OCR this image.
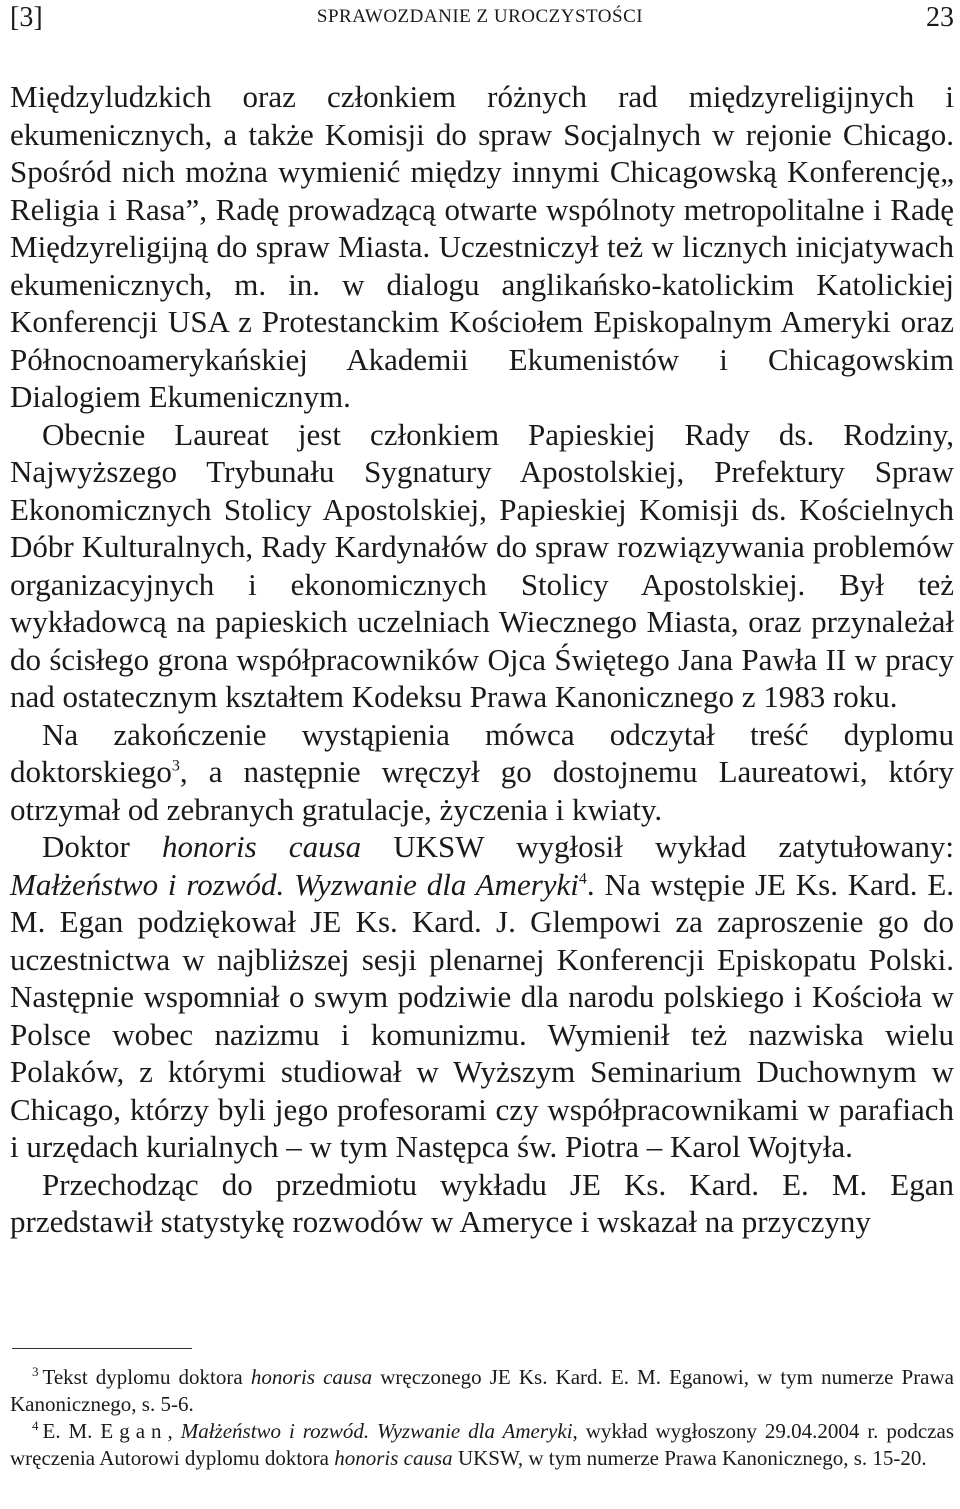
[3]	SPRAWOZDANIE Z UROCZYSTOŚCI	23

Międzyludzkich oraz członkiem różnych rad międzyreligijnych i ekumenicznych, a także Komisji do spraw Socjalnych w rejonie Chicago. Spośród nich można wymienić między innymi Chicagowską Konferencję„ Religia i Rasa”, Radę prowadzącą otwarte wspólnoty metropolitalne i Radę Międzyreligijną do spraw Miasta. Uczestniczył też w licznych inicjatywach ekumenicznych, m. in. w dialogu anglikańsko-katolickim Katolickiej Konferencji USA z Protestanckim Kościołem Episkopalnym Ameryki oraz Północnoamerykańskiej Akademii Ekumenistów i Chicagowskim Dialogiem Ekumenicznym.

Obecnie Laureat jest członkiem Papieskiej Rady ds. Rodziny, Najwyższego Trybunału Sygnatury Apostolskiej, Prefektury Spraw Ekonomicznych Stolicy Apostolskiej, Papieskiej Komisji ds. Kościelnych Dóbr Kulturalnych, Rady Kardynałów do spraw rozwiązywania problemów organizacyjnych i ekonomicznych Stolicy Apostolskiej. Był też wykładowcą na papieskich uczelniach Wiecznego Miasta, oraz przynależał do ścisłego grona współpracowników Ojca Świętego Jana Pawła II w pracy nad ostatecznym kształtem Kodeksu Prawa Kanonicznego z 1983 roku.

Na zakończenie wystąpienia mówca odczytał treść dyplomu doktorskiego$^3$, a następnie wręczył go dostojnemu Laureatowi, który otrzymał od zebranych gratulacje, życzenia i kwiaty.

Doktor honoris causa UKSW wygłosił wykład zatytułowany: Małżeństwo i rozwód. Wyzwanie dla Ameryki$^4$. Na wstępie JE Ks. Kard. E. M. Egan podziękował JE Ks. Kard. J. Glempowi za zaproszenie go do uczestnictwa w najbliższej sesji plenarnej Konferencji Episkopatu Polski. Następnie wspomniał o swym podziwie dla narodu polskiego i Kościoła w Polsce wobec nazizmu i komunizmu. Wymienił też nazwiska wielu Polaków, z którymi studiował w Wyższym Seminarium Duchownym w Chicago, którzy byli jego profesorami czy współpracownikami w parafiach i urzędach kurialnych – w tym Następca św. Piotra – Karol Wojtyła.

Przechodząc do przedmiotu wykładu JE Ks. Kard. E. M. Egan przedstawił statystykę rozwodów w Ameryce i wskazał na przyczyny

$^3$ Tekst dyplomu doktora honoris causa wręczonego JE Ks. Kard. E. M. Eganowi, w tym numerze Prawa Kanonicznego, s. 5-6.

$^4$ E. M. Egan, Małżeństwo i rozwód. Wyzwanie dla Ameryki, wykład wygłoszony 29.04.2004 r. podczas wręczenia Autorowi dyplomu doktora honoris causa UKSW, w tym numerze Prawa Kanonicznego, s. 15-20.
